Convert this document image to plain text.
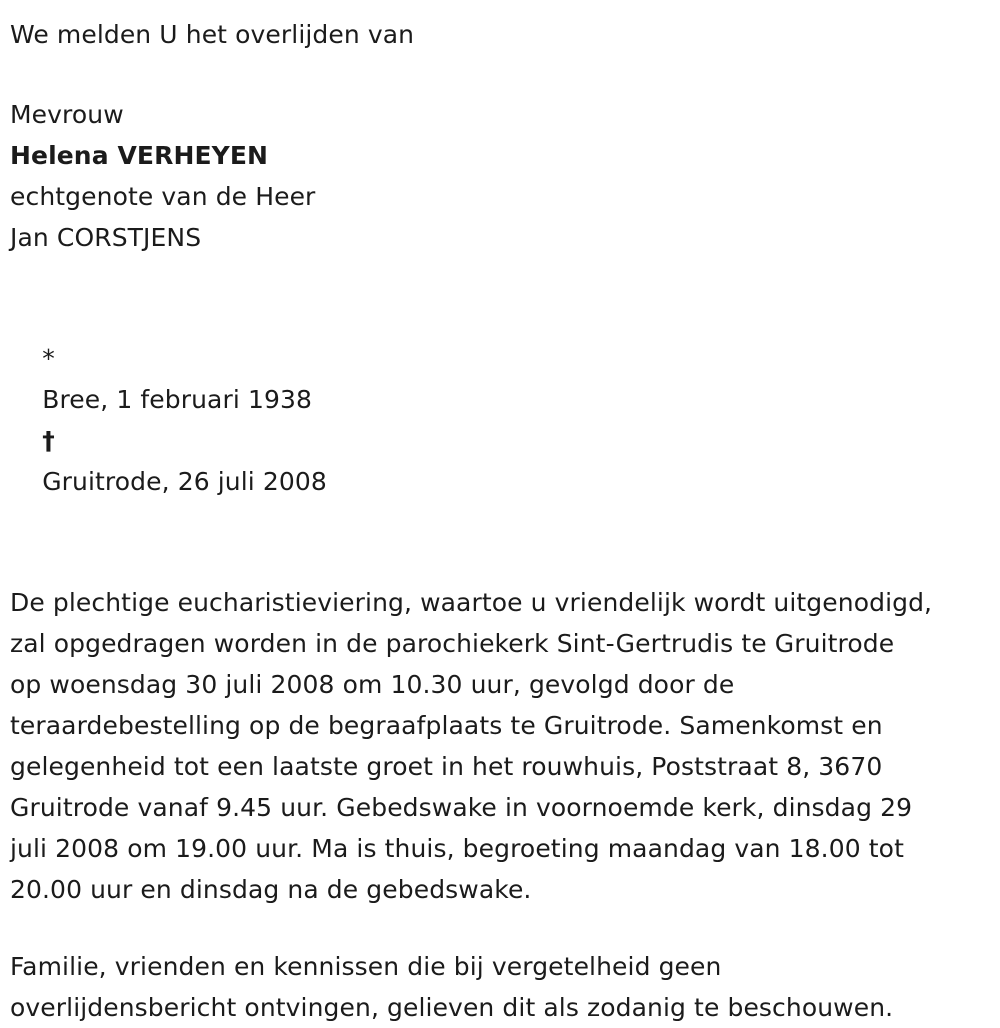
We melden U het overlijden van
Mevrouw
Helena VERHEYEN
echtgenote van de Heer
Jan CORSTJENS

*
Bree, 1 februari 1938
†
Gruitrode, 26 juli 2008

De plechtige eucharistieviering, waartoe u vriendelijk wordt uitgenodigd,
zal opgedragen worden in de parochiekerk Sint-Gertrudis te Gruitrode
op woensdag 30 juli 2008 om 10.30 uur, gevolgd door de
teraardebestelling op de begraafplaats te Gruitrode. Samenkomst en
gelegenheid tot een laatste groet in het rouwhuis, Poststraat 8, 3670
Gruitrode vanaf 9.45 uur. Gebedswake in voornoemde kerk, dinsdag 29
juli 2008 om 19.00 uur. Ma is thuis, begroeting maandag van 18.00 tot
20.00 uur en dinsdag na de gebedswake.
Familie, vrienden en kennissen die bij vergetelheid geen
overlijdensbericht ontvingen, gelieven dit als zodanig te beschouwen.
